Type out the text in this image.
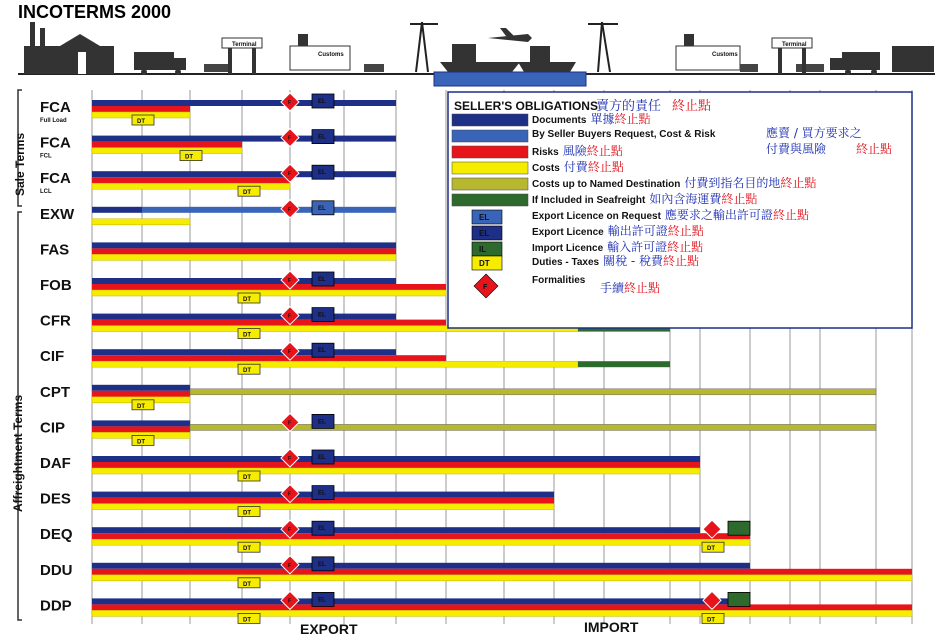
INCOTERMS 2000
Terminal
Customs	Customs
Terminal
Sale Terms
Affreightment Terms
FCA
Full Load	DT
F	EL
FCA
FCL	DT
F	EL
FCA
LCL	DT
F	EL
EXW	F	EL
FAS
FOB
DT
F	EL
CFR
DT
F	EL
CIF
DT
F	EL
CPT
DT
CIP
DT
F	EL
DAF
DT
F	EL
DES
DT
F	EL
DEQ
DT
F	EL
DT
DDU
DT
F	EL
DDP
DT
F	EL
DT
EXPORT	IMPORT
SELLER'S OBLIGATIONS
賣方的責任 終止點
Documents 單據 終止點
By Seller Buyers Request, Cost & Risk	應賣 / 買方要求之
付費與風險 終止點
Risks 風險 終止點
Costs 付費 終止點
Costs up to Named Destination 付費到指名目的地 終止點
If Included in Seafreight 如內含海運費 終止點
EL	Export Licence on Request 應要求之輸出許可證 終止點
EL	Export Licence 輸出許可證 終止點
IL	Import Licence 輸入許可證 終止點
DT	Duties - Taxes 關稅 - 稅費 終止點
F
Formalities
手續 終止點
